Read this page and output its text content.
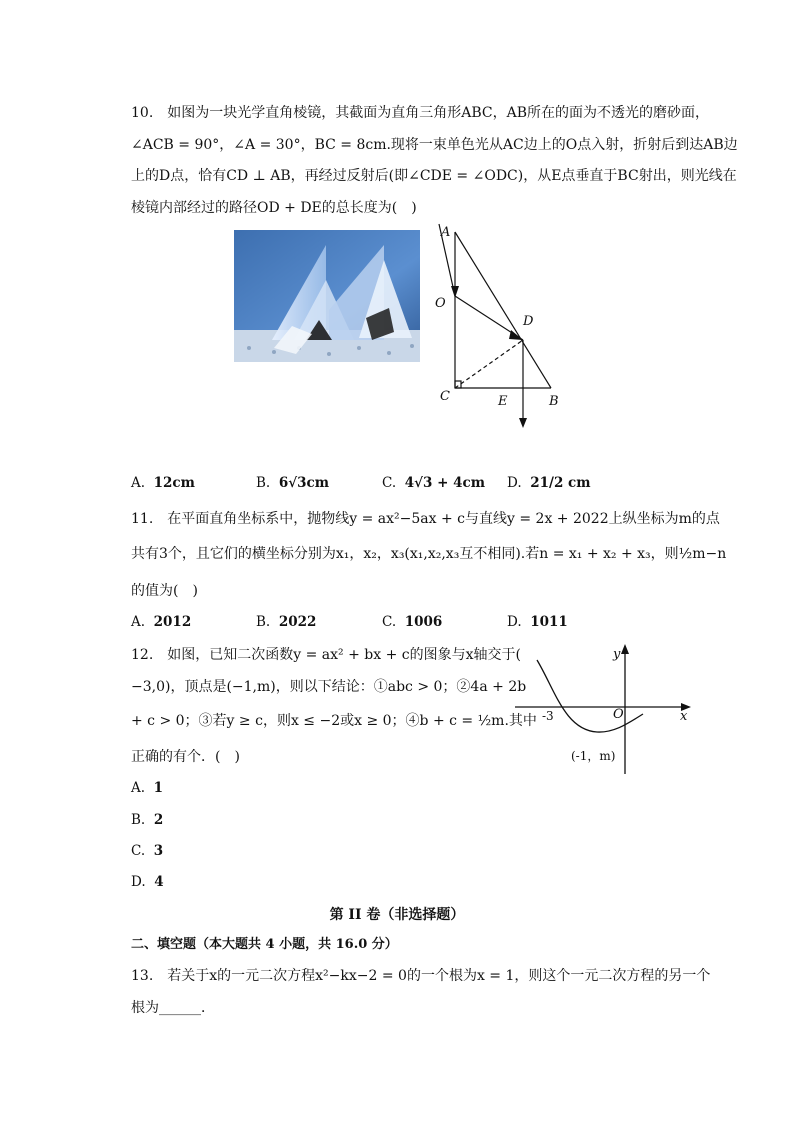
10.　如图为一块光学直角棱镜，其截面为直角三角形ABC，AB所在的面为不透光的磨砂面，
∠ACB = 90°，∠A = 30°，BC = 8cm.现将一束单色光从AC边上的O点入射，折射后到达AB边
上的D点，恰有CD ⊥ AB，再经过反射后(即∠CDE = ∠ODC)，从E点垂直于BC射出，则光线在
棱镜内部经过的路径OD + DE的总长度为(　)
A
O
D
C	E	B
A. 12cm	B. 6√3cm	C. 4√3 + 4cm D. 21/2 cm
11.　在平面直角坐标系中，抛物线y = ax²−5ax + c与直线y = 2x + 2022上纵坐标为m的点
共有3个，且它们的横坐标分别为x₁，x₂，x₃(x₁,x₂,x₃互不相同).若n = x₁ + x₂ + x₃，则½m−n
的值为(　)
A. 2012	B. 2022	C. 1006	D. 1011
12.　如图，已知二次函数y = ax² + bx + c的图象与x轴交于(
−3,0)，顶点是(−1,m)，则以下结论：①abc > 0；②4a + 2b
+ c > 0；③若y ≥ c，则x ≤ −2或x ≥ 0；④b + c = ½m.其中
正确的有个．(　)
y
x
O
-3
(-1，m)
A. 1
B. 2
C. 3
D. 4
第 II 卷（非选择题）
二、填空题（本大题共 4 小题，共 16.0 分）
13.　若关于x的一元二次方程x²−kx−2 = 0的一个根为x = 1，则这个一元二次方程的另一个
根为______．
